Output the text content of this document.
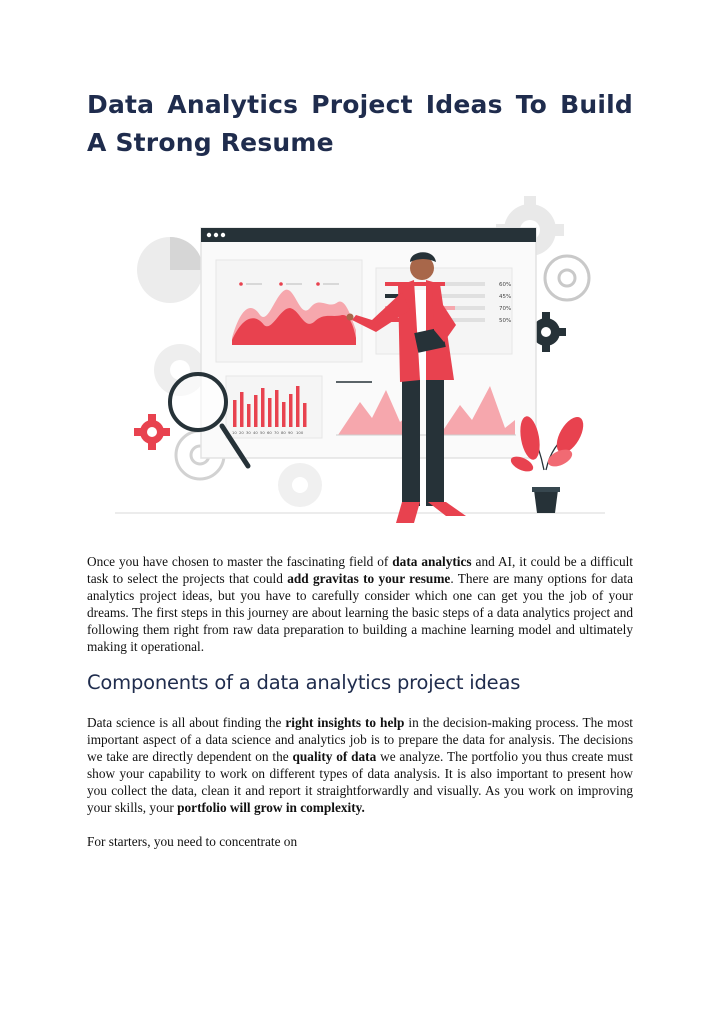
Data Analytics Project Ideas To Build A Strong Resume
60%
45%
70%
50%
10 20 30 40 50 60 70 80 90 100

Once you have chosen to master the fascinating field of data analytics and AI, it could be a difficult task to select the projects that could add gravitas to your resume. There are many options for data analytics project ideas, but you have to carefully consider which one can get you the job of your dreams. The first steps in this journey are about learning the basic steps of a data analytics project and following them right from raw data preparation to building a machine learning model and ultimately making it operational.

Components of a data analytics project ideas

Data science is all about finding the right insights to help in the decision-making process. The most important aspect of a data science and analytics job is to prepare the data for analysis. The decisions we take are directly dependent on the quality of data we analyze. The portfolio you thus create must show your capability to work on different types of data analysis. It is also important to present how you collect the data, clean it and report it straightforwardly and visually. As you work on improving your skills, your portfolio will grow in complexity.

For starters, you need to concentrate on
